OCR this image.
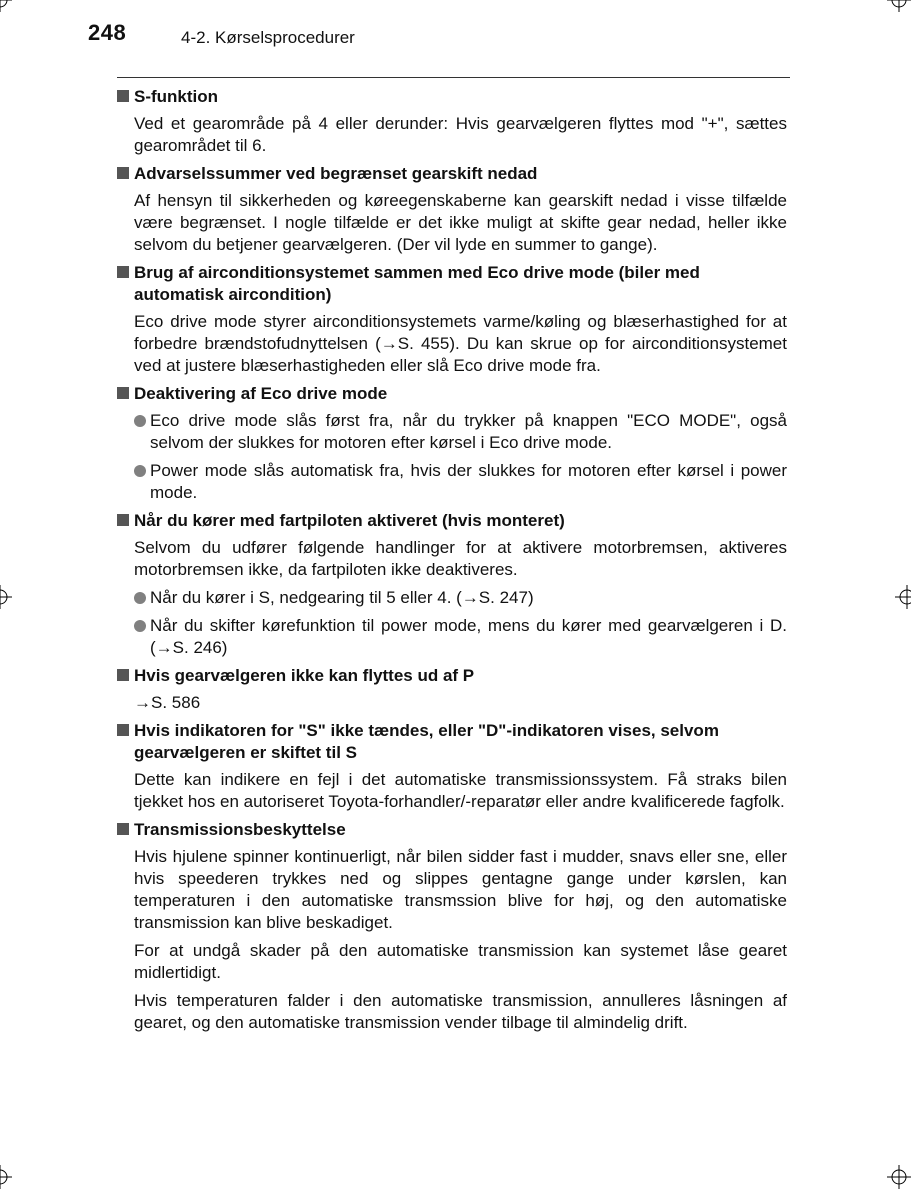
248	4-2. Kørselsprocedurer
S-funktion
Ved et gearområde på 4 eller derunder: Hvis gearvælgeren flyttes mod "+", sættes gearområdet til 6.
Advarselssummer ved begrænset gearskift nedad
Af hensyn til sikkerheden og køreegenskaberne kan gearskift nedad i visse tilfælde være begrænset. I nogle tilfælde er det ikke muligt at skifte gear nedad, heller ikke selvom du betjener gearvælgeren. (Der vil lyde en summer to gange).
Brug af airconditionsystemet sammen med Eco drive mode (biler med automatisk aircondition)
Eco drive mode styrer airconditionsystemets varme/køling og blæserhastighed for at forbedre brændstofudnyttelsen (→S. 455). Du kan skrue op for airconditionsystemet ved at justere blæserhastigheden eller slå Eco drive mode fra.
Deaktivering af Eco drive mode
Eco drive mode slås først fra, når du trykker på knappen "ECO MODE", også selvom der slukkes for motoren efter kørsel i Eco drive mode.
Power mode slås automatisk fra, hvis der slukkes for motoren efter kørsel i power mode.
Når du kører med fartpiloten aktiveret (hvis monteret)
Selvom du udfører følgende handlinger for at aktivere motorbremsen, aktiveres motorbremsen ikke, da fartpiloten ikke deaktiveres.
Når du kører i S, nedgearing til 5 eller 4. (→S. 247)
Når du skifter kørefunktion til power mode, mens du kører med gearvælgeren i D. (→S. 246)
Hvis gearvælgeren ikke kan flyttes ud af P
→S. 586
Hvis indikatoren for "S" ikke tændes, eller "D"-indikatoren vises, selvom gearvælgeren er skiftet til S
Dette kan indikere en fejl i det automatiske transmissionssystem. Få straks bilen tjekket hos en autoriseret Toyota-forhandler/-reparatør eller andre kvalificerede fagfolk.
Transmissionsbeskyttelse
Hvis hjulene spinner kontinuerligt, når bilen sidder fast i mudder, snavs eller sne, eller hvis speederen trykkes ned og slippes gentagne gange under kørslen, kan temperaturen i den automatiske transmssion blive for høj, og den automatiske transmission kan blive beskadiget.
For at undgå skader på den automatiske transmission kan systemet låse gearet midlertidigt.
Hvis temperaturen falder i den automatiske transmission, annulleres låsningen af gearet, og den automatiske transmission vender tilbage til almindelig drift.
